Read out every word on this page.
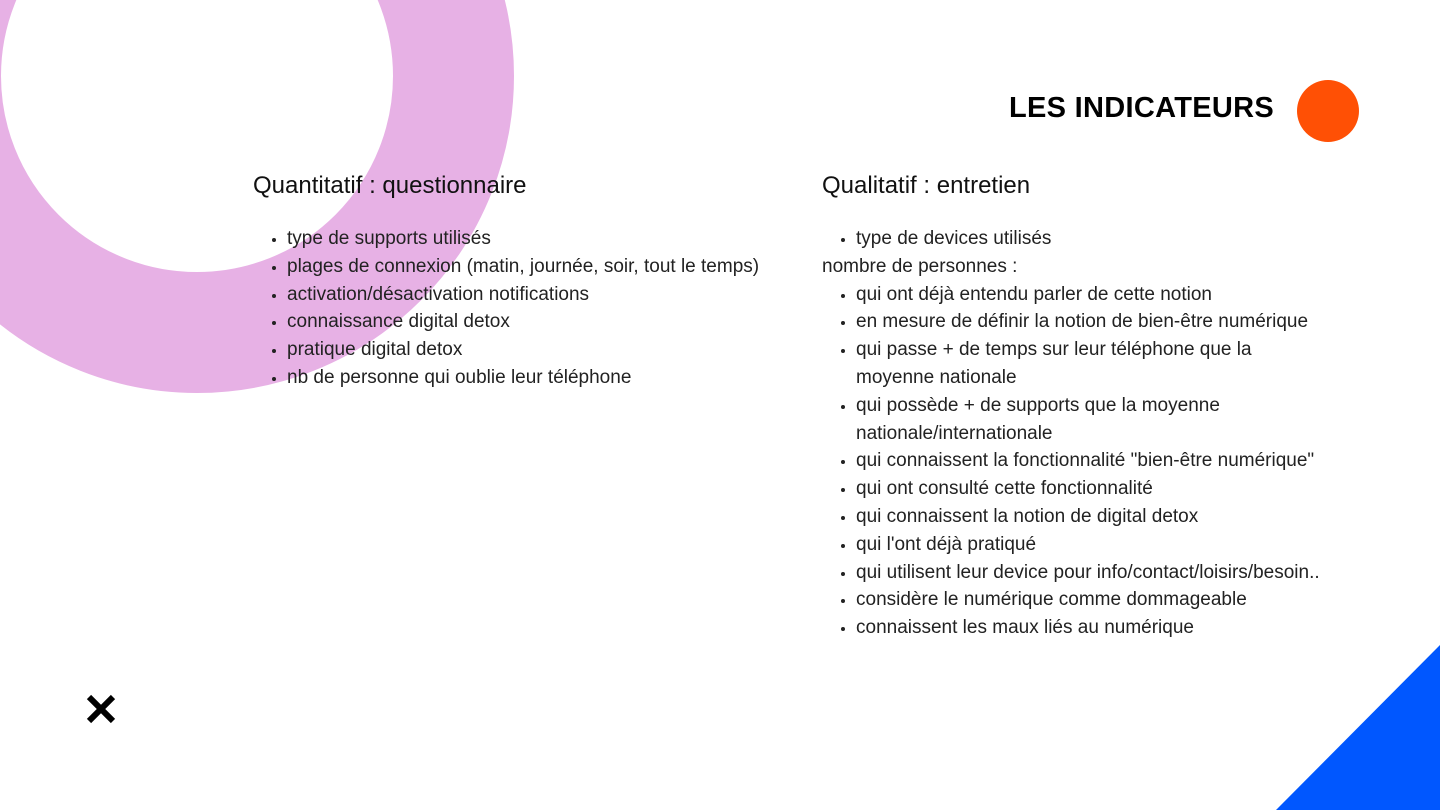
LES INDICATEURS
Quantitatif : questionnaire
• type de supports utilisés
• plages de connexion (matin, journée, soir, tout le temps)
• activation/désactivation notifications
• connaissance digital detox
• pratique digital detox
• nb de personne qui oublie leur téléphone
Qualitatif : entretien
• type de devices utilisés

nombre de personnes :

• qui ont déjà entendu parler de cette notion
• en mesure de définir la notion de bien-être numérique
• qui passe + de temps sur leur téléphone que la moyenne nationale
• qui possède + de supports que la moyenne nationale/internationale
• qui connaissent la fonctionnalité "bien-être numérique"
• qui ont consulté cette fonctionnalité
• qui connaissent la notion de digital detox
• qui l'ont déjà pratiqué
• qui utilisent leur device pour info/contact/loisirs/besoin..
• considère le numérique comme dommageable
• connaissent les maux liés au numérique
